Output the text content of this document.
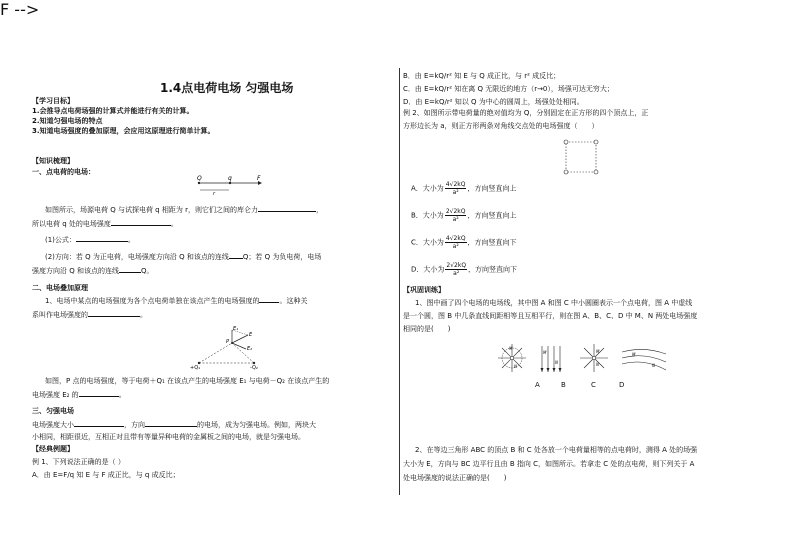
1.4点电荷电场 匀强电场
【学习目标】
1.会推导点电荷场强的计算式并能进行有关的计算。
2.知道匀强电场的特点
3.知道电场强度的叠加原理，会应用这原理进行简单计算。
【知识梳理】
一、点电荷的电场：
F -->
Q	q	F
r
如图所示，场源电荷 Q 与试探电荷 q 相距为 r，则它们之间的库仑力	，
所以电荷 q 处的电场强度	。
(1)公式：	。
(2)方向：若 Q 为正电荷，电场强度方向沿 Q 和该点的连线 Q；若 Q 为负电荷，电场
强度方向沿 Q 和该点的连线	Q。
二、电场叠加原理
1、电场中某点的电场强度为各个点电荷单独在该点产生的电场强度的	。这种关
系叫作电场强度的	。
E₁
E
E₂
P
+Q₁	-Q₂
如图，P 点的电场强度，等于电荷＋Q₁ 在该点产生的电场强度 E₁ 与电荷－Q₂ 在该点产生的
电场强度 E₂ 的	。
三、匀强电场
电场强度大小	，方向	的电场，成为匀强电场。例如，两块大
小相同，相距很近，互相正对且带有等量异种电荷的金属板之间的电场，就是匀强电场。
【经典例题】
例 1、下列说法正确的是（ ）
A．由 E=F/q 知 E 与 F 成正比，与 q 成反比；
B．由 E=kQ/r² 知 E 与 Q 成正比，与 r² 成反比；
C．由 E=kQ/r² 知在离 Q 无限近的地方（r→0），场强可达无穷大；
D．由 E=kQ/r² 知以 Q 为中心的圆周上，场强处处相同。
例 2、如图所示带电荷量的绝对值均为 Q，分别固定在正方形的四个顶点上，正
方形边长为 a，则正方形两条对角线交点处的电场强度（　　）
A．大小为 $\frac{4√2kQ}{\text{a²}}$ ，方向竖直向上
B．大小为 $\frac{2√2kQ}{\text{a²}}$ ，方向竖直向上
C．大小为 $\frac{4√2kQ}{\text{a²}}$ ，方向竖直向下
D．大小为 $\frac{2√2kQ}{\text{a²}}$ ，方向竖直向下
【巩固训练】
1、图中画了四个电场的电场线，其中图 A 和图 C 中小圆圈表示一个点电荷，图 A 中虚线
是一个圆，图 B 中几条直线间距相等且互相平行，则在图 A、B、C、D 中 M、N 两处电场强度
相同的是(　　)
M
N
M
N
M
N
M
N
A	B	C	D
2、在等边三角形 ABC 的顶点 B 和 C 处各放一个电荷量相等的点电荷时，测得 A 处的场强
大小为 E，方向与 BC 边平行且由 B 指向 C，如图所示。若拿走 C 处的点电荷，则下列关于 A
处电场强度的说法正确的是(　　)
